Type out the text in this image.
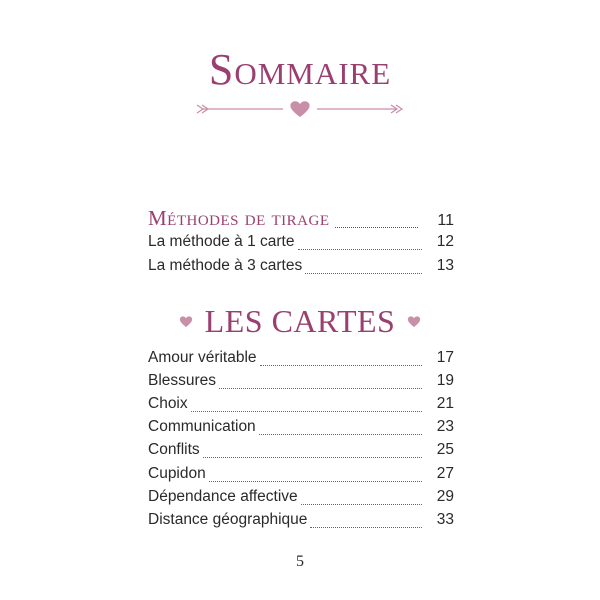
Sommaire
Méthodes de tirage	11
La méthode à 1 carte	12
La méthode à 3 cartes	13
LES CARTES
Amour véritable	17
Blessures	19
Choix	21
Communication	23
Conflits	25
Cupidon	27
Dépendance affective	29
Distance géographique	33
5
